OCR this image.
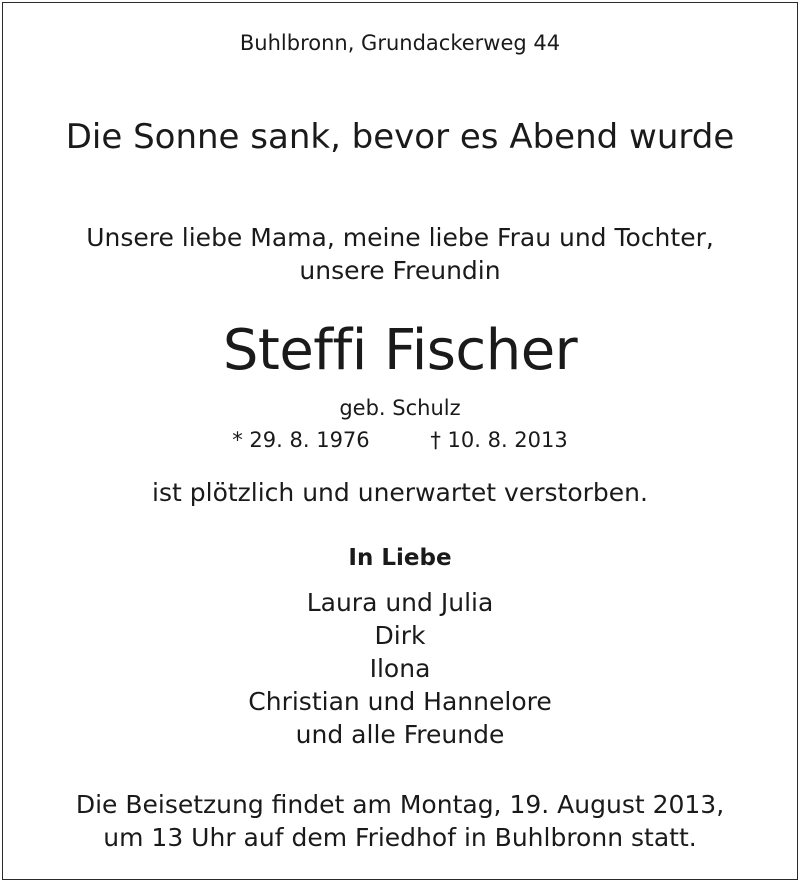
Buhlbronn, Grundackerweg 44
Die Sonne sank, bevor es Abend wurde
Unsere liebe Mama, meine liebe Frau und Tochter,
unsere Freundin
Steffi Fischer
geb. Schulz
* 29. 8. 1976	† 10. 8. 2013
ist plötzlich und unerwartet verstorben.
In Liebe
Laura und Julia
Dirk
Ilona
Christian und Hannelore
und alle Freunde
Die Beisetzung findet am Montag, 19. August 2013,
um 13 Uhr auf dem Friedhof in Buhlbronn statt.
